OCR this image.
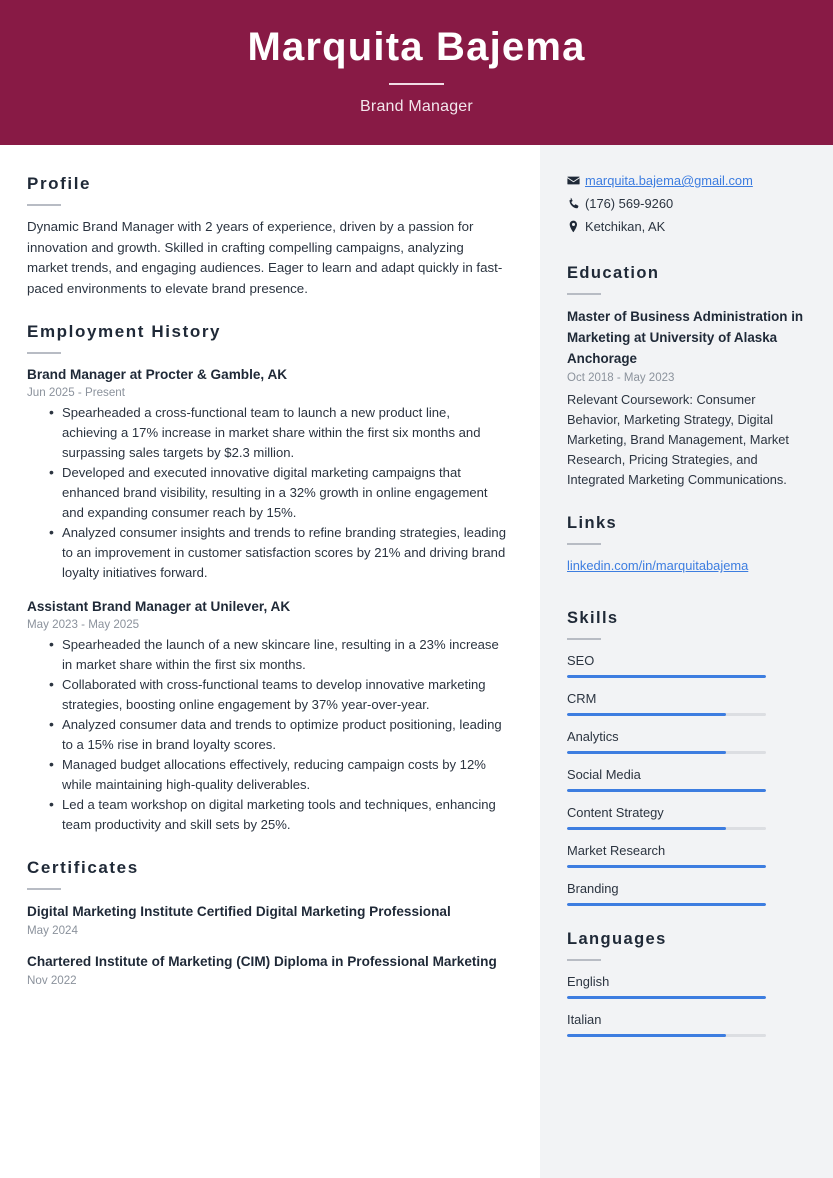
Marquita Bajema
Brand Manager
Profile
Dynamic Brand Manager with 2 years of experience, driven by a passion for innovation and growth. Skilled in crafting compelling campaigns, analyzing market trends, and engaging audiences. Eager to learn and adapt quickly in fast-paced environments to elevate brand presence.
Employment History
Brand Manager at Procter & Gamble, AK
Jun 2025 - Present
• Spearheaded a cross-functional team to launch a new product line, achieving a 17% increase in market share within the first six months and surpassing sales targets by $2.3 million.
• Developed and executed innovative digital marketing campaigns that enhanced brand visibility, resulting in a 32% growth in online engagement and expanding consumer reach by 15%.
• Analyzed consumer insights and trends to refine branding strategies, leading to an improvement in customer satisfaction scores by 21% and driving brand loyalty initiatives forward.
Assistant Brand Manager at Unilever, AK
May 2023 - May 2025
• Spearheaded the launch of a new skincare line, resulting in a 23% increase in market share within the first six months.
• Collaborated with cross-functional teams to develop innovative marketing strategies, boosting online engagement by 37% year-over-year.
• Analyzed consumer data and trends to optimize product positioning, leading to a 15% rise in brand loyalty scores.
• Managed budget allocations effectively, reducing campaign costs by 12% while maintaining high-quality deliverables.
• Led a team workshop on digital marketing tools and techniques, enhancing team productivity and skill sets by 25%.
Certificates
Digital Marketing Institute Certified Digital Marketing Professional
May 2024
Chartered Institute of Marketing (CIM) Diploma in Professional Marketing
Nov 2022
marquita.bajema@gmail.com
(176) 569-9260
Ketchikan, AK
Education
Master of Business Administration in Marketing at University of Alaska Anchorage
Oct 2018 - May 2023
Relevant Coursework: Consumer Behavior, Marketing Strategy, Digital Marketing, Brand Management, Market Research, Pricing Strategies, and Integrated Marketing Communications.
Links
linkedin.com/in/marquitabajema
Skills
SEO
CRM
Analytics
Social Media
Content Strategy
Market Research
Branding
Languages
English
Italian
